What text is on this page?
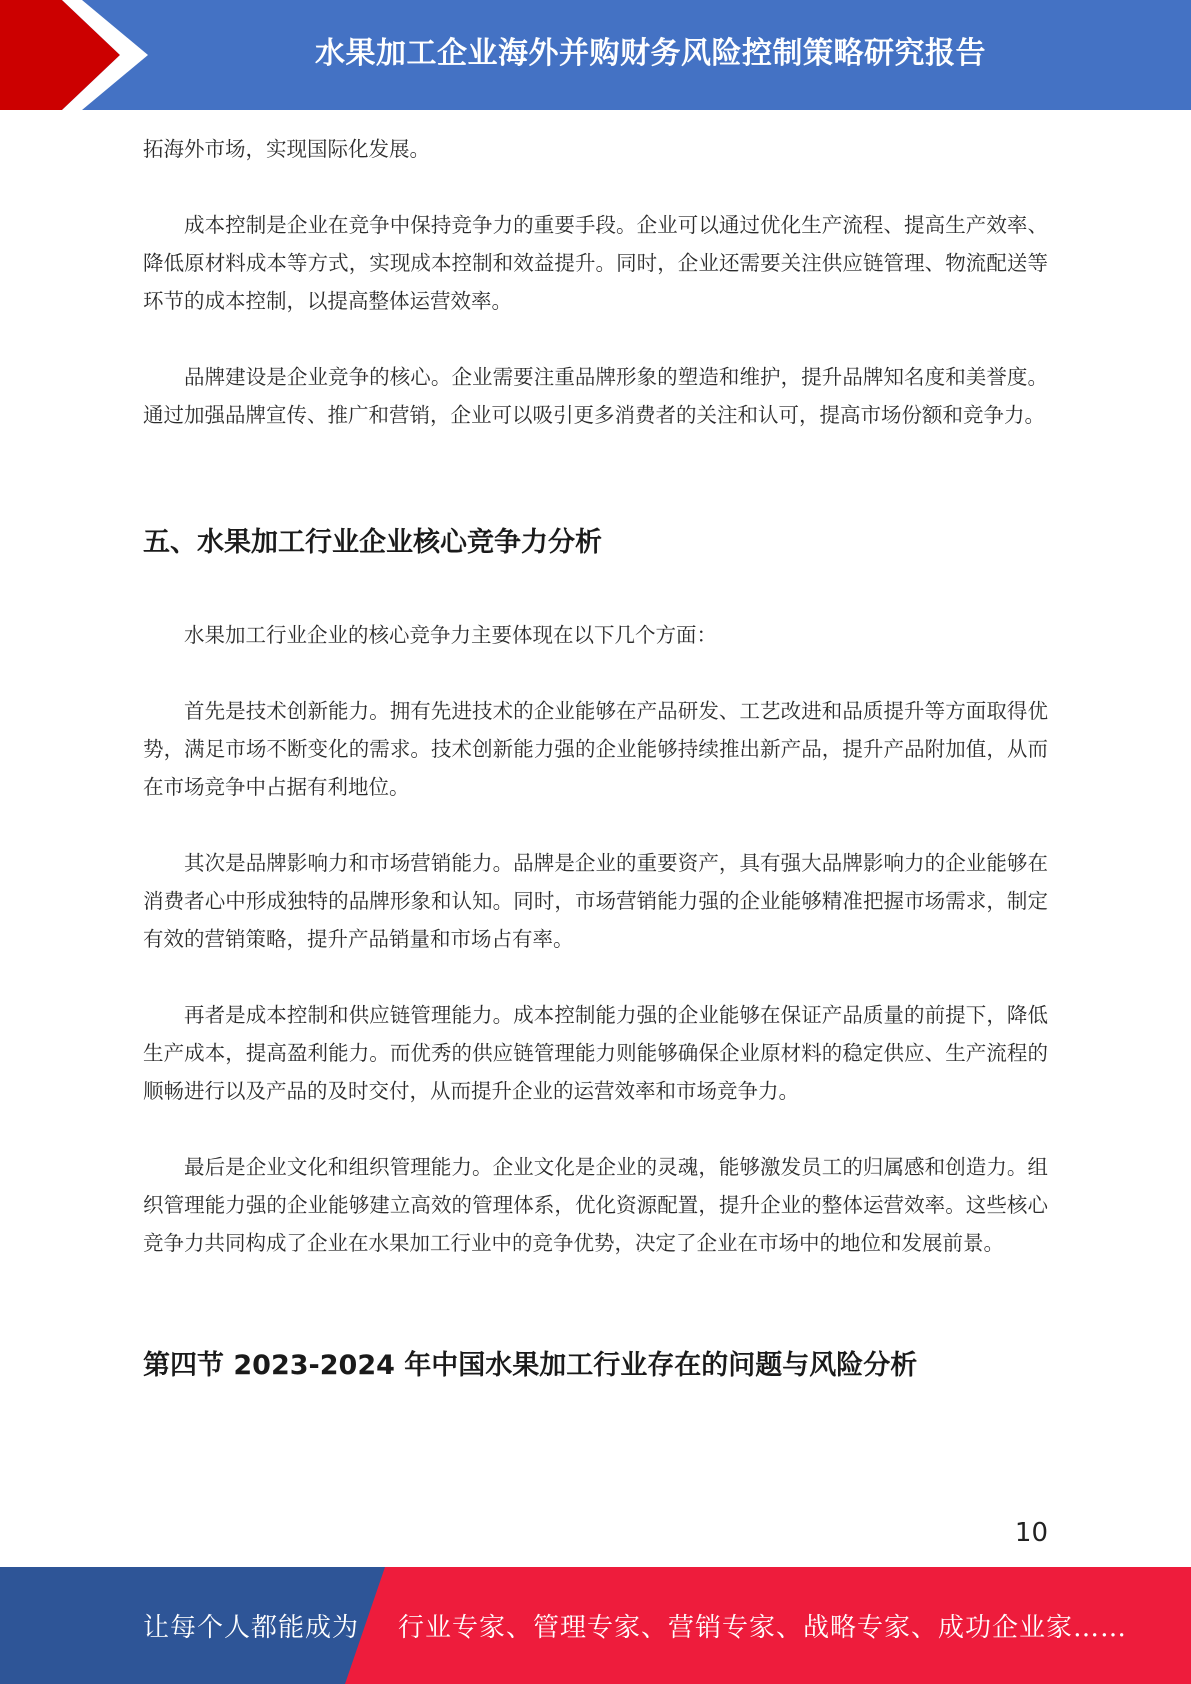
水果加工企业海外并购财务风险控制策略研究报告

拓海外市场，实现国际化发展。

成本控制是企业在竞争中保持竞争力的重要手段。企业可以通过优化生产流程、提高生产效率、降低原材料成本等方式，实现成本控制和效益提升。同时，企业还需要关注供应链管理、物流配送等环节的成本控制，以提高整体运营效率。

品牌建设是企业竞争的核心。企业需要注重品牌形象的塑造和维护，提升品牌知名度和美誉度。通过加强品牌宣传、推广和营销，企业可以吸引更多消费者的关注和认可，提高市场份额和竞争力。

五、水果加工行业企业核心竞争力分析

水果加工行业企业的核心竞争力主要体现在以下几个方面：

首先是技术创新能力。拥有先进技术的企业能够在产品研发、工艺改进和品质提升等方面取得优势，满足市场不断变化的需求。技术创新能力强的企业能够持续推出新产品，提升产品附加值，从而在市场竞争中占据有利地位。

其次是品牌影响力和市场营销能力。品牌是企业的重要资产，具有强大品牌影响力的企业能够在消费者心中形成独特的品牌形象和认知。同时，市场营销能力强的企业能够精准把握市场需求，制定有效的营销策略，提升产品销量和市场占有率。

再者是成本控制和供应链管理能力。成本控制能力强的企业能够在保证产品质量的前提下，降低生产成本，提高盈利能力。而优秀的供应链管理能力则能够确保企业原材料的稳定供应、生产流程的顺畅进行以及产品的及时交付，从而提升企业的运营效率和市场竞争力。

最后是企业文化和组织管理能力。企业文化是企业的灵魂，能够激发员工的归属感和创造力。组织管理能力强的企业能够建立高效的管理体系，优化资源配置，提升企业的整体运营效率。这些核心竞争力共同构成了企业在水果加工行业中的竞争优势，决定了企业在市场中的地位和发展前景。

第四节 2023-2024 年中国水果加工行业存在的问题与风险分析
10
让每个人都能成为 行业专家、管理专家、营销专家、战略专家、成功企业家……
